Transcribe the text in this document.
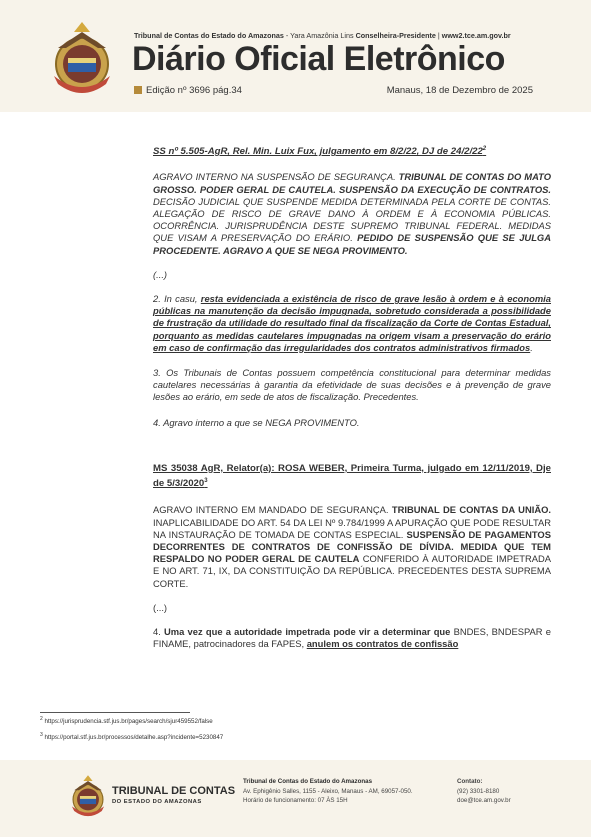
Tribunal de Contas do Estado do Amazonas - Yara Amazônia Lins Conselheira-Presidente | www2.tce.am.gov.br
Diário Oficial Eletrônico
Edição nº 3696 pág.34	Manaus, 18 de Dezembro de 2025

SS nº 5.505-AgR, Rel. Min. Luix Fux, julgamento em 8/2/22, DJ de $24/2/22^2$

AGRAVO INTERNO NA SUSPENSÃO DE SEGURANÇA. TRIBUNAL DE CONTAS DO MATO GROSSO. PODER GERAL DE CAUTELA. SUSPENSÃO DA EXECUÇÃO DE CONTRATOS. DECISÃO JUDICIAL QUE SUSPENDE MEDIDA DETERMINADA PELA CORTE DE CONTAS. ALEGAÇÃO DE RISCO DE GRAVE DANO À ORDEM E À ECONOMIA PÚBLICAS. OCORRÊNCIA. JURISPRUDÊNCIA DESTE SUPREMO TRIBUNAL FEDERAL. MEDIDAS QUE VISAM A PRESERVAÇÃO DO ERÁRIO. PEDIDO DE SUSPENSÃO QUE SE JULGA PROCEDENTE. AGRAVO A QUE SE NEGA PROVIMENTO.

(...)

2. In casu, resta evidenciada a existência de risco de grave lesão à ordem e à economia públicas na manutenção da decisão impugnada, sobretudo considerada a possibilidade de frustração da utilidade do resultado final da fiscalização da Corte de Contas Estadual, porquanto as medidas cautelares impugnadas na origem visam a preservação do erário em caso de confirmação das irregularidades dos contratos administrativos firmados.

3. Os Tribunais de Contas possuem competência constitucional para determinar medidas cautelares necessárias à garantia da efetividade de suas decisões e à prevenção de grave lesões ao erário, em sede de atos de fiscalização. Precedentes.

4. Agravo interno a que se NEGA PROVIMENTO.

MS 35038 AgR, Relator(a): ROSA WEBER, Primeira Turma, julgado em 12/11/2019, Dje de 5/3/2020$^3$

AGRAVO INTERNO EM MANDADO DE SEGURANÇA. TRIBUNAL DE CONTAS DA UNIÃO. INAPLICABILIDADE DO ART. 54 DA LEI Nº 9.784/1999 A APURAÇÃO QUE PODE RESULTAR NA INSTAURAÇÃO DE TOMADA DE CONTAS ESPECIAL. SUSPENSÃO DE PAGAMENTOS DECORRENTES DE CONTRATOS DE CONFISSÃO DE DÍVIDA. MEDIDA QUE TEM RESPALDO NO PODER GERAL DE CAUTELA CONFERIDO À AUTORIDADE IMPETRADA E NO ART. 71, IX, DA CONSTITUIÇÃO DA REPÚBLICA. PRECEDENTES DESTA SUPREMA CORTE.

(...)

4. Uma vez que a autoridade impetrada pode vir a determinar que BNDES, BNDESPAR e FINAME, patrocinadores da FAPES, anulem os contratos de confissão

$^2$ https://jurisprudencia.stf.jus.br/pages/search/sjur459552/false
$^3$ https://portal.stf.jus.br/processos/detalhe.asp?incidente=5230847
TRIBUNAL DE CONTAS
DO ESTADO DO AMAZONAS
Tribunal de Contas do Estado do Amazonas
Av. Ephigênio Salles, 1155 - Aleixo, Manaus - AM, 69057-050.
Horário de funcionamento: 07 ÀS 15H
Contato:
(92) 3301-8180
doe@tce.am.gov.br
